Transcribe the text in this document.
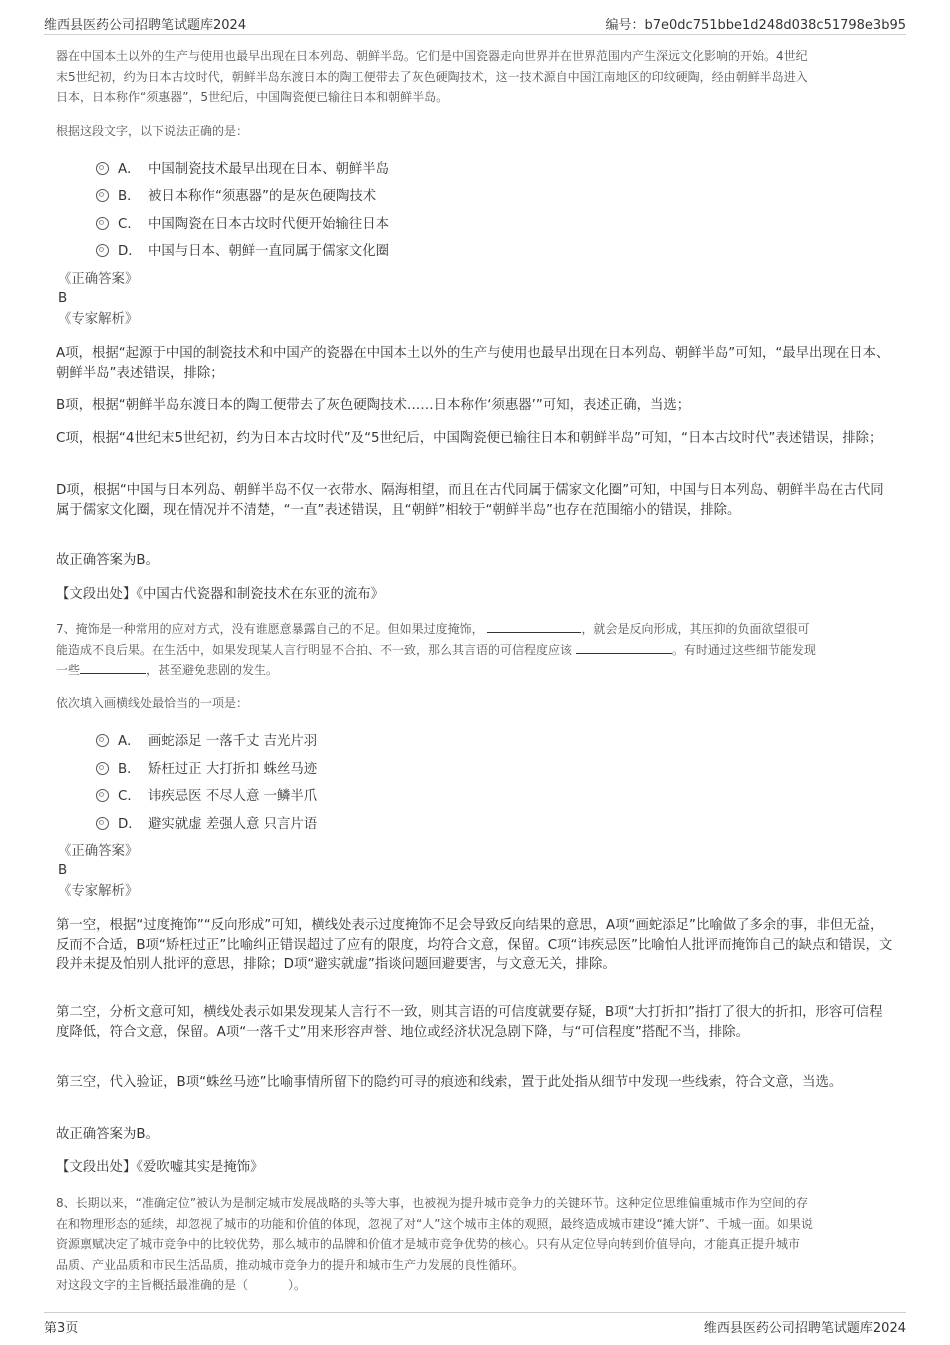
维西县医药公司招聘笔试题库2024	编号：b7e0dc751bbe1d248d038c51798e3b95

器在中国本土以外的生产与使用也最早出现在日本列岛、朝鲜半岛。它们是中国瓷器走向世界并在世界范围内产生深远文化影响的开始。4世纪
末5世纪初，约为日本古坟时代，朝鲜半岛东渡日本的陶工便带去了灰色硬陶技术，这一技术源自中国江南地区的印纹硬陶，经由朝鲜半岛进入
日本，日本称作“须惠器”，5世纪后，中国陶瓷便已输往日本和朝鲜半岛。

根据这段文字，以下说法正确的是：

A． 中国制瓷技术最早出现在日本、朝鲜半岛
B． 被日本称作“须惠器”的是灰色硬陶技术
C． 中国陶瓷在日本古坟时代便开始输往日本
D． 中国与日本、朝鲜一直同属于儒家文化圈

《正确答案》

B

《专家解析》

A项，根据“起源于中国的制瓷技术和中国产的瓷器在中国本土以外的生产与使用也最早出现在日本列岛、朝鲜半岛”可知，“最早出现在日本、朝鲜半岛”表述错误，排除；

B项，根据“朝鲜半岛东渡日本的陶工便带去了灰色硬陶技术……日本称作‘须惠器’”可知，表述正确，当选；

C项，根据“4世纪末5世纪初，约为日本古坟时代”及“5世纪后，中国陶瓷便已输往日本和朝鲜半岛”可知，“日本古坟时代”表述错误，排除；

D项，根据“中国与日本列岛、朝鲜半岛不仅一衣带水、隔海相望，而且在古代同属于儒家文化圈”可知，中国与日本列岛、朝鲜半岛在古代同属于儒家文化圈，现在情况并不清楚，“一直”表述错误，且“朝鲜”相较于“朝鲜半岛”也存在范围缩小的错误，排除。

故正确答案为B。

【文段出处】《中国古代瓷器和制瓷技术在东亚的流布》

7、掩饰是一种常用的应对方式，没有谁愿意暴露自己的不足。但如果过度掩饰，	，就会是反向形成，其压抑的负面欲望很可
能造成不良后果。在生活中，如果发现某人言行明显不合拍、不一致，那么其言语的可信程度应该	。有时通过这些细节能发现
一些	，甚至避免悲剧的发生。

依次填入画横线处最恰当的一项是：

A． 画蛇添足 一落千丈 吉光片羽
B． 矫枉过正 大打折扣 蛛丝马迹
C． 讳疾忌医 不尽人意 一鳞半爪
D． 避实就虚 差强人意 只言片语

《正确答案》

B

《专家解析》

第一空，根据“过度掩饰”“反向形成”可知，横线处表示过度掩饰不足会导致反向结果的意思，A项“画蛇添足”比喻做了多余的事，非但无益，反而不合适，B项“矫枉过正”比喻纠正错误超过了应有的限度，均符合文意，保留。C项“讳疾忌医”比喻怕人批评而掩饰自己的缺点和错误，文段并未提及怕别人批评的意思，排除；D项“避实就虚”指谈问题回避要害，与文意无关，排除。

第二空，分析文意可知，横线处表示如果发现某人言行不一致，则其言语的可信度就要存疑，B项“大打折扣”指打了很大的折扣，形容可信程度降低，符合文意，保留。A项“一落千丈”用来形容声誉、地位或经济状况急剧下降，与“可信程度”搭配不当，排除。

第三空，代入验证，B项“蛛丝马迹”比喻事情所留下的隐约可寻的痕迹和线索，置于此处指从细节中发现一些线索，符合文意，当选。

故正确答案为B。

【文段出处】《爱吹嘘其实是掩饰》

8、长期以来，“准确定位”被认为是制定城市发展战略的头等大事，也被视为提升城市竞争力的关键环节。这种定位思维偏重城市作为空间的存
在和物理形态的延续，却忽视了城市的功能和价值的体现，忽视了对“人”这个城市主体的观照，最终造成城市建设“摊大饼”、千城一面。如果说
资源禀赋决定了城市竞争中的比较优势，那么城市的品牌和价值才是城市竞争优势的核心。只有从定位导向转到价值导向，才能真正提升城市
品质、产业品质和市民生活品质，推动城市竞争力的提升和城市生产力发展的良性循环。
对这段文字的主旨概括最准确的是（	）。

第3页	维西县医药公司招聘笔试题库2024
